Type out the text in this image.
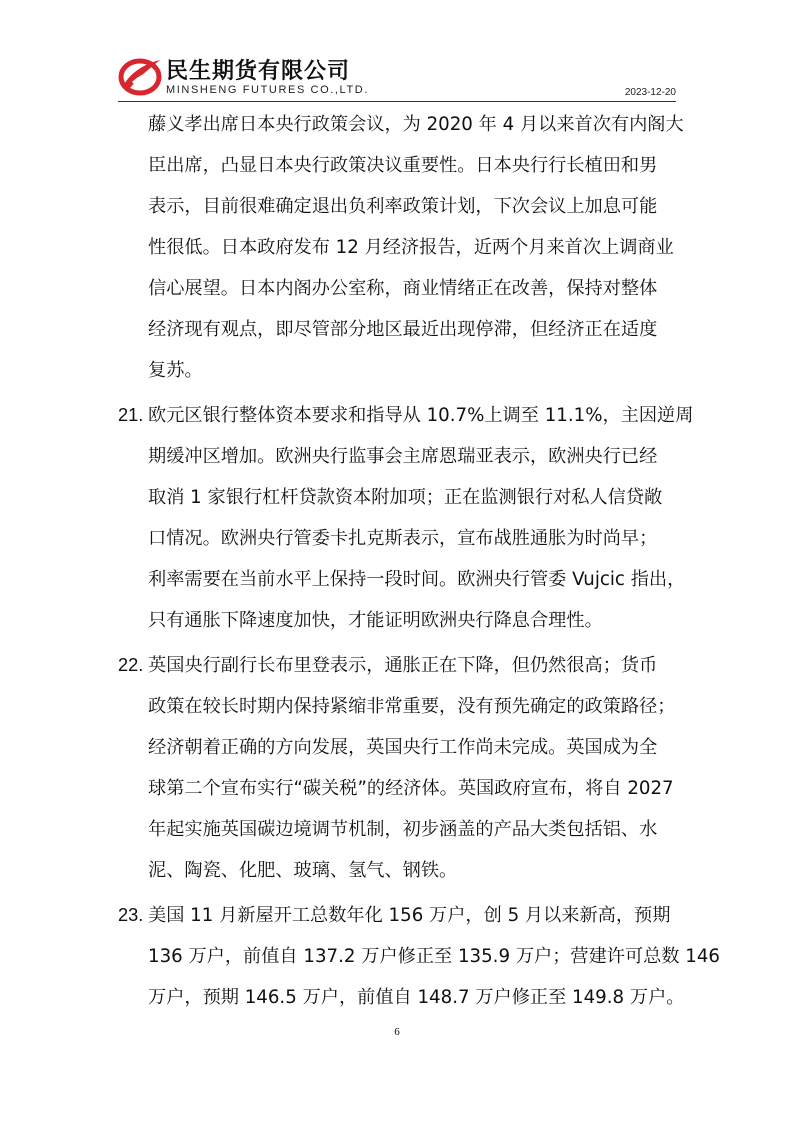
民生期货有限公司
MINSHENG FUTURES CO.,LTD.	2023-12-20
藤义孝出席日本央行政策会议，为 2020 年 4 月以来首次有内阁大
臣出席，凸显日本央行政策决议重要性。日本央行行长植田和男
表示，目前很难确定退出负利率政策计划，下次会议上加息可能
性很低。日本政府发布 12 月经济报告，近两个月来首次上调商业
信心展望。日本内阁办公室称，商业情绪正在改善，保持对整体
经济现有观点，即尽管部分地区最近出现停滞，但经济正在适度
复苏。
21. 欧元区银行整体资本要求和指导从 10.7%上调至 11.1%，主因逆周
期缓冲区增加。欧洲央行监事会主席恩瑞亚表示，欧洲央行已经
取消 1 家银行杠杆贷款资本附加项；正在监测银行对私人信贷敞
口情况。欧洲央行管委卡扎克斯表示，宣布战胜通胀为时尚早；
利率需要在当前水平上保持一段时间。欧洲央行管委 Vujcic 指出，
只有通胀下降速度加快，才能证明欧洲央行降息合理性。
22. 英国央行副行长布里登表示，通胀正在下降，但仍然很高；货币
政策在较长时期内保持紧缩非常重要，没有预先确定的政策路径；
经济朝着正确的方向发展，英国央行工作尚未完成。英国成为全
球第二个宣布实行“碳关税”的经济体。英国政府宣布，将自 2027
年起实施英国碳边境调节机制，初步涵盖的产品大类包括铝、水
泥、陶瓷、化肥、玻璃、氢气、钢铁。
23. 美国 11 月新屋开工总数年化 156 万户，创 5 月以来新高，预期
136 万户，前值自 137.2 万户修正至 135.9 万户；营建许可总数 146
万户，预期 146.5 万户，前值自 148.7 万户修正至 149.8 万户。
6
